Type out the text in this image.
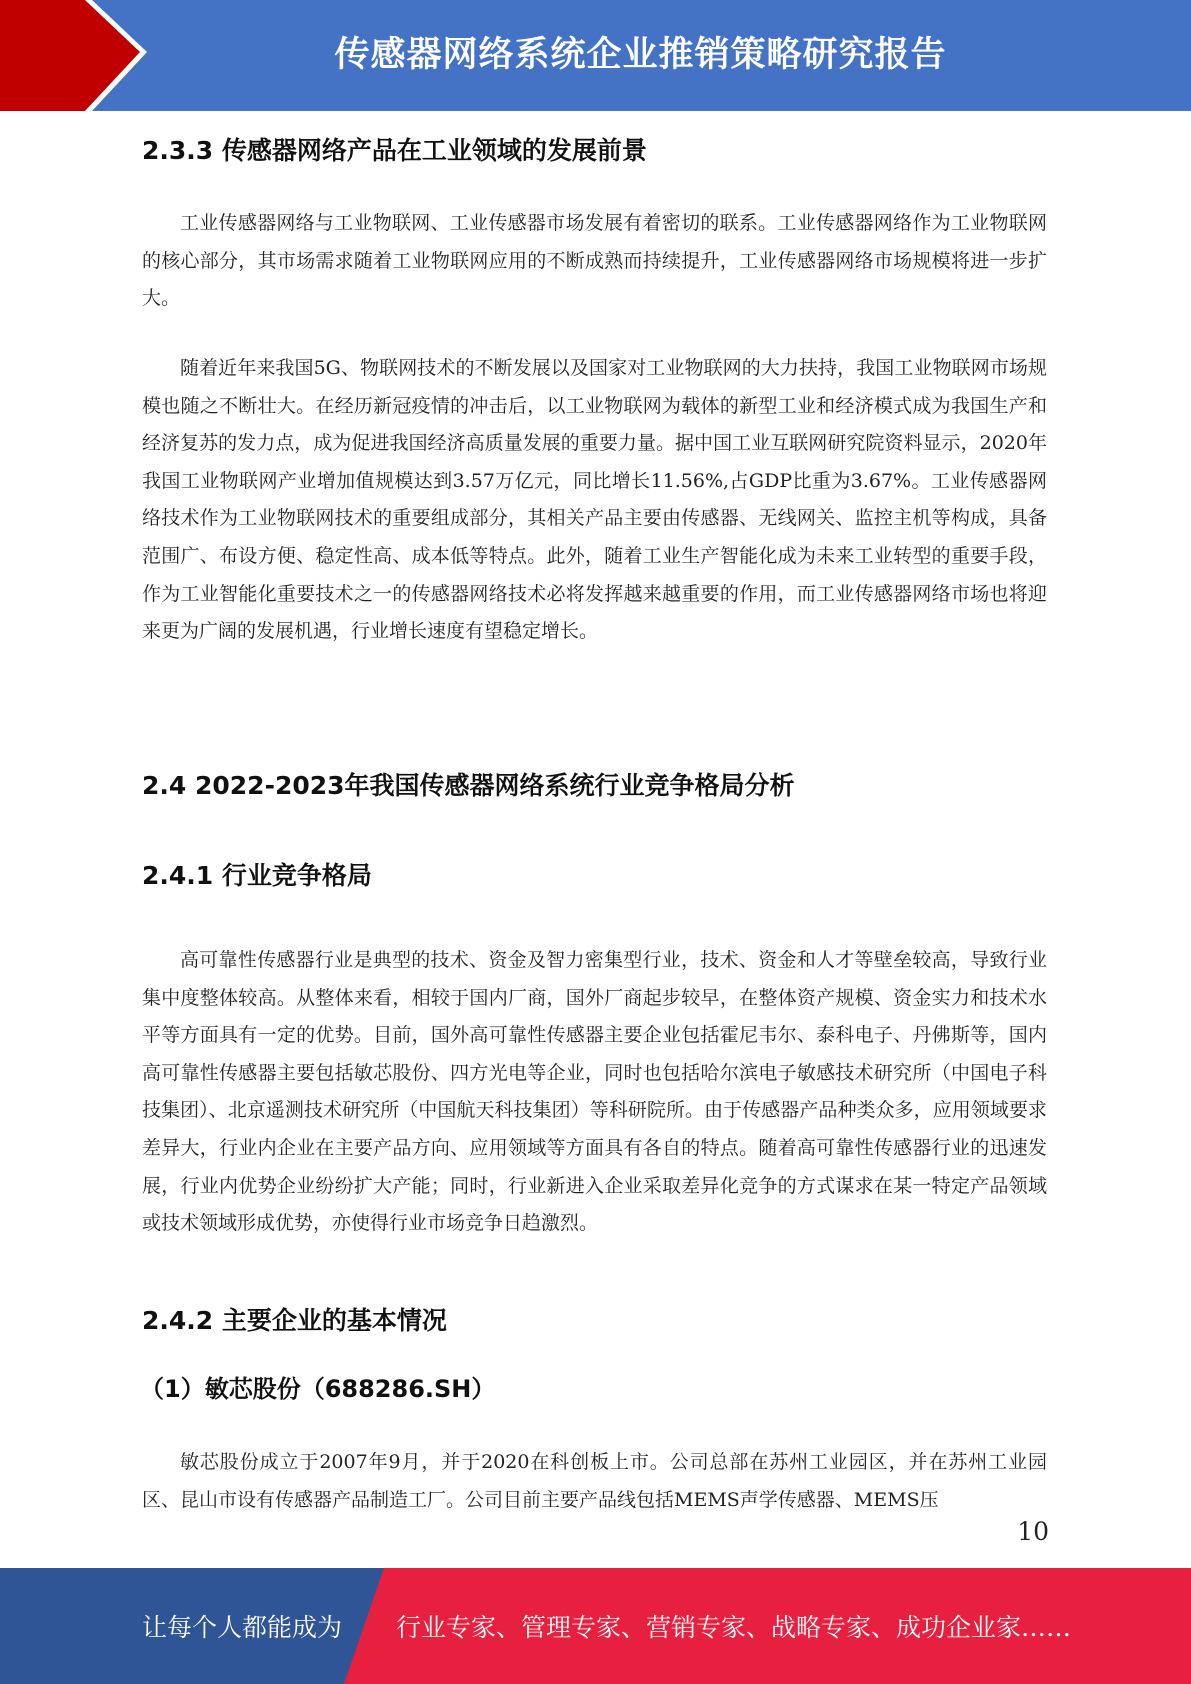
传感器网络系统企业推销策略研究报告
2.3.3 传感器网络产品在工业领域的发展前景

工业传感器网络与工业物联网、工业传感器市场发展有着密切的联系。工业传感器网络作为工业物联网的核心部分，其市场需求随着工业物联网应用的不断成熟而持续提升，工业传感器网络市场规模将进一步扩大。

随着近年来我国5G、物联网技术的不断发展以及国家对工业物联网的大力扶持，我国工业物联网市场规模也随之不断壮大。在经历新冠疫情的冲击后，以工业物联网为载体的新型工业和经济模式成为我国生产和经济复苏的发力点，成为促进我国经济高质量发展的重要力量。据中国工业互联网研究院资料显示，2020年我国工业物联网产业增加值规模达到3.57万亿元，同比增长11.56%,占GDP比重为3.67%。工业传感器网络技术作为工业物联网技术的重要组成部分，其相关产品主要由传感器、无线网关、监控主机等构成，具备范围广、布设方便、稳定性高、成本低等特点。此外，随着工业生产智能化成为未来工业转型的重要手段，作为工业智能化重要技术之一的传感器网络技术必将发挥越来越重要的作用，而工业传感器网络市场也将迎来更为广阔的发展机遇，行业增长速度有望稳定增长。

2.4 2022-2023年我国传感器网络系统行业竞争格局分析
2.4.1 行业竞争格局

高可靠性传感器行业是典型的技术、资金及智力密集型行业，技术、资金和人才等壁垒较高，导致行业集中度整体较高。从整体来看，相较于国内厂商，国外厂商起步较早，在整体资产规模、资金实力和技术水平等方面具有一定的优势。目前，国外高可靠性传感器主要企业包括霍尼韦尔、泰科电子、丹佛斯等，国内高可靠性传感器主要包括敏芯股份、四方光电等企业，同时也包括哈尔滨电子敏感技术研究所（中国电子科技集团）、北京遥测技术研究所（中国航天科技集团）等科研院所。由于传感器产品种类众多，应用领域要求差异大，行业内企业在主要产品方向、应用领域等方面具有各自的特点。随着高可靠性传感器行业的迅速发展，行业内优势企业纷纷扩大产能；同时，行业新进入企业采取差异化竞争的方式谋求在某一特定产品领域或技术领域形成优势，亦使得行业市场竞争日趋激烈。

2.4.2 主要企业的基本情况
（1）敏芯股份（688286.SH）

敏芯股份成立于2007年9月，并于2020在科创板上市。公司总部在苏州工业园区，并在苏州工业园区、昆山市设有传感器产品制造工厂。公司目前主要产品线包括MEMS声学传感器、MEMS压

10
让每个人都能成为 行业专家、管理专家、营销专家、战略专家、成功企业家……
